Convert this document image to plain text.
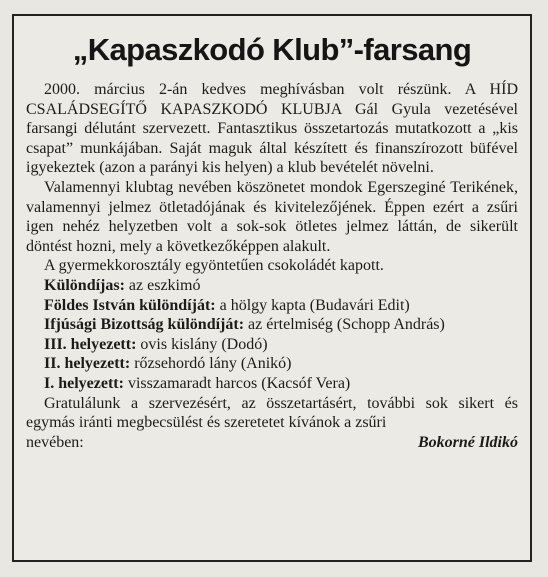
„Kapaszkodó Klub”-farsang

2000. március 2-án kedves meghívásban volt részünk. A HÍD CSALÁDSEGÍTŐ KAPASZKODÓ KLUBJA Gál Gyula vezetésével farsangi délutánt szervezett. Fantasztikus összetartozás mutatkozott a „kis csapat” munkájában. Saját maguk által készített és finanszírozott büfével igyekeztek (azon a parányi kis helyen) a klub bevételét növelni.

Valamennyi klubtag nevében köszönetet mondok Egerszeginé Terikének, valamennyi jelmez ötletadójának és kivitelezőjének. Éppen ezért a zsűri igen nehéz helyzetben volt a sok-sok ötletes jelmez láttán, de sikerült döntést hozni, mely a következőképpen alakult.

A gyermekkorosztály egyöntetűen csokoládét kapott.

Különdíjas: az eszkimó

Földes István különdíját: a hölgy kapta (Budavári Edit)

Ifjúsági Bizottság különdíját: az értelmiség (Schopp András)

III. helyezett: ovis kislány (Dodó)

II. helyezett: rőzsehordó lány (Anikó)

I. helyezett: visszamaradt harcos (Kacsóf Vera)

Gratulálunk a szervezésért, az összetartásért, további sok sikert és egymás iránti megbecsülést és szeretetet kívánok a zsűri

nevében:	Bokorné Ildikó
